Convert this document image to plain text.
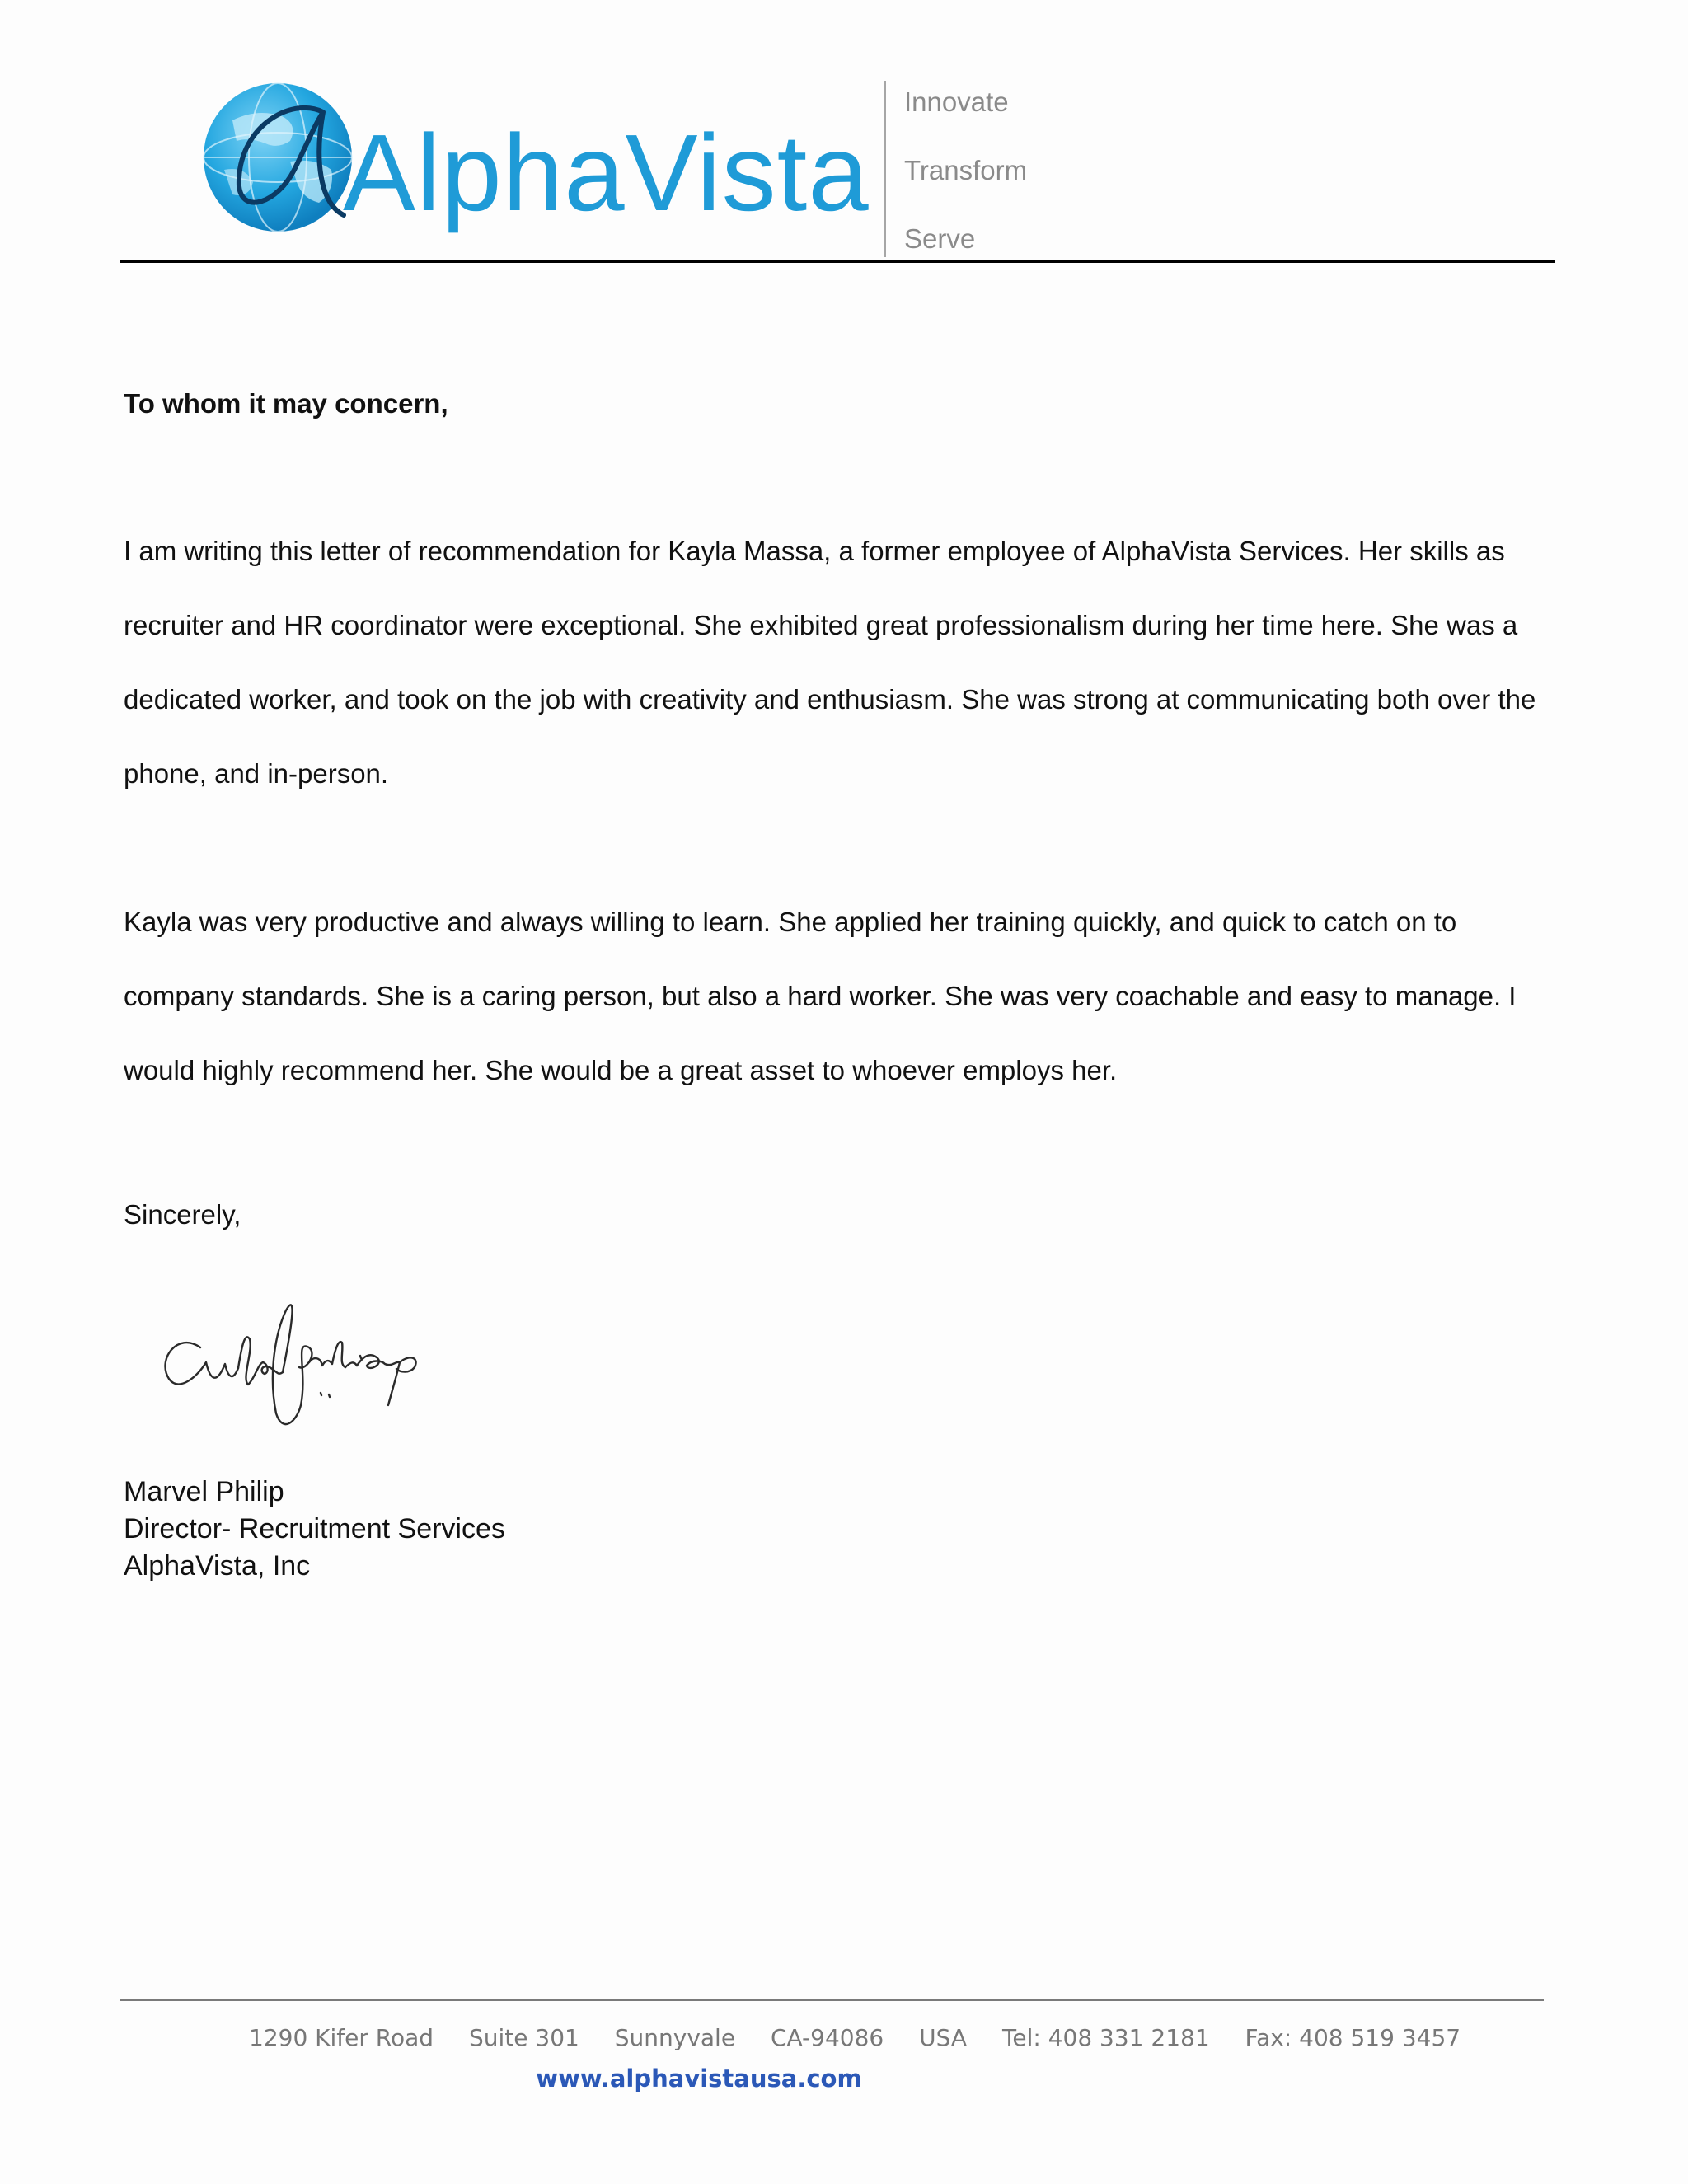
AlphaVista
Innovate
Transform
Serve
To whom it may concern,

I am writing this letter of recommendation for Kayla Massa, a former employee of AlphaVista Services. Her skills as recruiter and HR coordinator were exceptional. She exhibited great professionalism during her time here. She was a dedicated worker, and took on the job with creativity and enthusiasm. She was strong at communicating both over the phone, and in-person.

Kayla was very productive and always willing to learn. She applied her training quickly, and quick to catch on to company standards. She is a caring person, but also a hard worker. She was very coachable and easy to manage. I would highly recommend her. She would be a great asset to whoever employs her.

Sincerely,
Marvel Philip
Director- Recruitment Services
AlphaVista, Inc
1290 Kifer Road Suite 301 Sunnyvale CA-94086 USA Tel: 408 331 2181 Fax: 408 519 3457
www.alphavistausa.com
